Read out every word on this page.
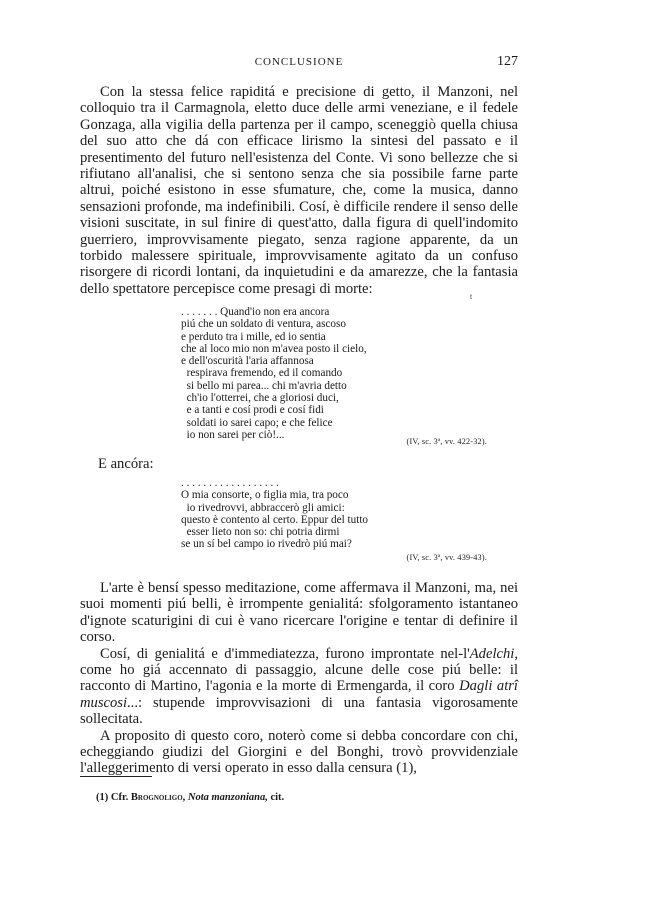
CONCLUSIONE	127

Con la stessa felice rapiditá e precisione di getto, il Manzoni, nel colloquio tra il Carmagnola, eletto duce delle armi veneziane, e il fedele Gonzaga, alla vigilia della partenza per il campo, sceneggiò quella chiusa del suo atto che dá con efficace lirismo la sintesi del passato e il presentimento del futuro nell'esistenza del Conte. Vi sono bellezze che si rifiutano all'analisi, che si sentono senza che sia possibile farne parte altrui, poiché esistono in esse sfumature, che, come la musica, danno sensazioni profonde, ma indefinibili. Cosí, è difficile rendere il senso delle visioni suscitate, in sul finire di quest'atto, dalla figura di quell'indomito guerriero, improvvisamente piegato, senza ragione apparente, da un torbido malessere spirituale, improvvisamente agitato da un confuso risorgere di ricordi lontani, da inquietudini e da amarezze, che la fantasia dello spettatore percepisce come presagi di morte:	t
. . . . . . . Quand'io non era ancora
piú che un soldato di ventura, ascoso
e perduto tra i mille, ed io sentia
che al loco mio non m'avea posto il cielo,
e dell'oscurità l'aria affannosa
respirava fremendo, ed il comando
si bello mi parea... chi m'avria detto
ch'io l'otterrei, che a gloriosi duci,
e a tanti e cosí prodi e cosí fidi
soldati io sarei capo; e che felice
io non sarei per ciò!...
(IV, sc. 3ª, vv. 422-32).
E ancóra:
. . . . . . . . . . . . . . . . . .
O mia consorte, o figlia mia, tra poco
io rivedrovvi, abbraccerò gli amici:
questo è contento al certo. Eppur del tutto
esser lieto non so: chi potria dirmi
se un sí bel campo io rivedrò piú mai?
(IV, sc. 3ª, vv. 439-43).

L'arte è bensí spesso meditazione, come affermava il Manzoni, ma, nei suoi momenti piú belli, è irrompente genialitá: sfolgoramento istantaneo d'ignote scaturigini di cui è vano ricercare l'origine e tentar di definire il corso.

Cosí, di genialitá e d'immediatezza, furono improntate nel-l'Adelchi, come ho giá accennato di passaggio, alcune delle cose piú belle: il racconto di Martino, l'agonia e la morte di Ermengarda, il coro Dagli atrî muscosi...: stupende improvvisazioni di una fantasia vigorosamente sollecitata.

A proposito di questo coro, noterò come si debba concordare con chi, echeggiando giudizi del Giorgini e del Bonghi, trovò provvidenziale l'alleggerimento di versi operato in esso dalla censura (1),

(1) Cfr. Brognoligo, Nota manzoniana, cit.
